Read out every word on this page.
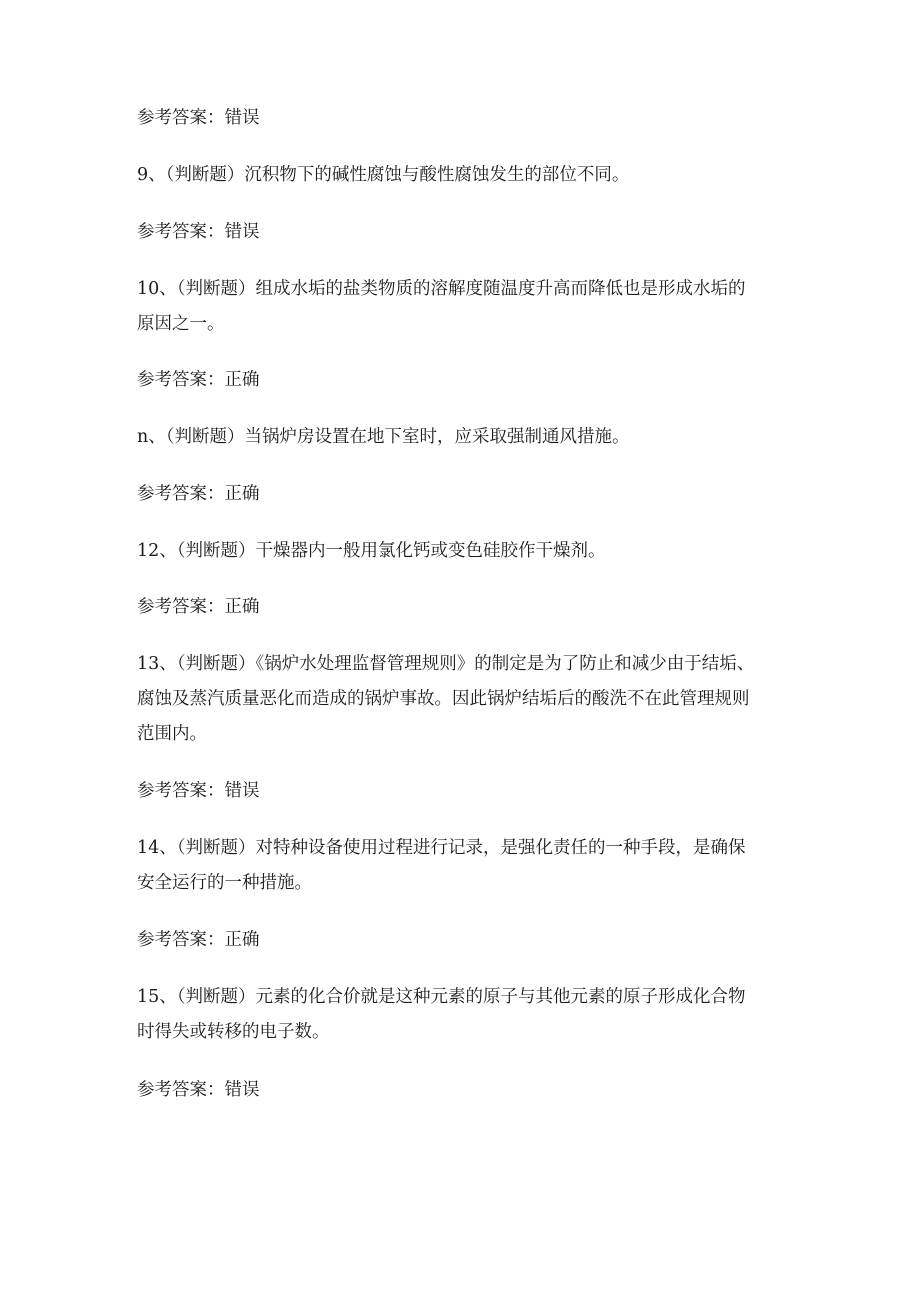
参考答案：错误
9、（判断题）沉积物下的碱性腐蚀与酸性腐蚀发生的部位不同。
参考答案：错误
10、（判断题）组成水垢的盐类物质的溶解度随温度升高而降低也是形成水垢的
原因之一。
参考答案：正确
n、（判断题）当锅炉房设置在地下室时，应采取强制通风措施。
参考答案：正确
12、（判断题）干燥器内一般用氯化钙或变色硅胶作干燥剂。
参考答案：正确
13、（判断题）《锅炉水处理监督管理规则》的制定是为了防止和减少由于结垢、
腐蚀及蒸汽质量恶化而造成的锅炉事故。因此锅炉结垢后的酸洗不在此管理规则
范围内。
参考答案：错误
14、（判断题）对特种设备使用过程进行记录，是强化责任的一种手段，是确保
安全运行的一种措施。
参考答案：正确
15、（判断题）元素的化合价就是这种元素的原子与其他元素的原子形成化合物
时得失或转移的电子数。
参考答案：错误
